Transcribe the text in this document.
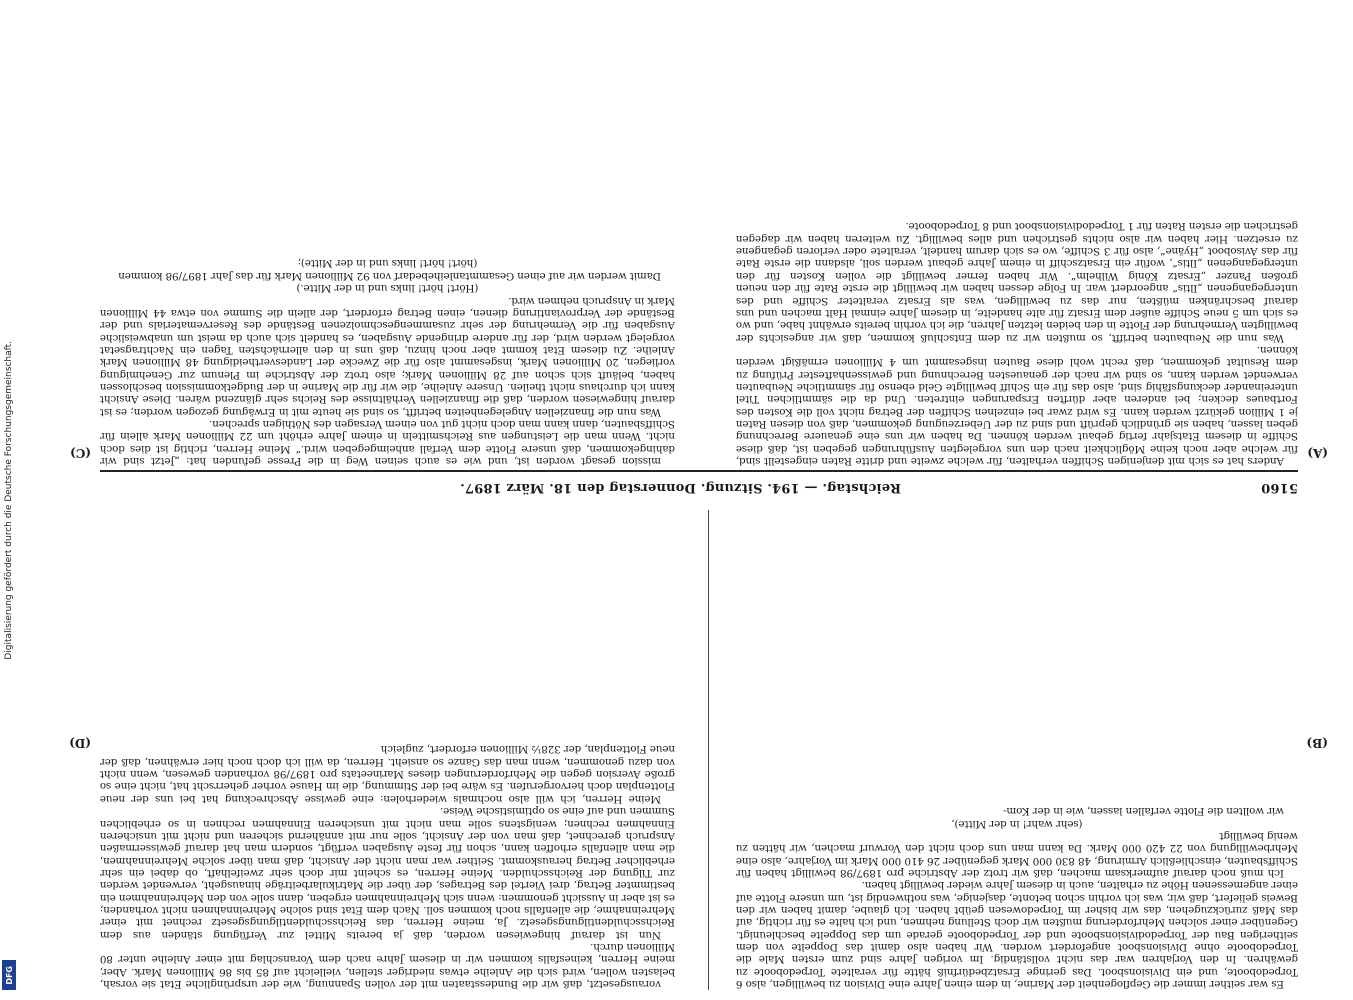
5160
Reichstag. — 194. Sitzung. Donnerstag den 18. März 1897.
(A)
(B)
(C)
(D)

Anders hat es sich mit denjenigen Schiffen verhalten, für welche zweite und dritte Raten eingestellt sind, für welche aber noch keine Möglichkeit nach den uns vorgelegten Ausführungen gegeben ist, daß diese Schiffe in diesem Etatsjahr fertig gebaut werden können. Da haben wir uns eine genauere Berechnung geben lassen, haben sie gründlich geprüft und sind zu der Ueberzeugung gekommen, daß von diesen Raten je 1 Million gekürzt werden kann. Es wird zwar bei einzelnen Schiffen der Betrag nicht voll die Kosten des Fortbaues decken; bei anderen aber dürften Ersparungen eintreten. Und da die sämmtlichen Titel untereinander deckungsfähig sind, also das für ein Schiff bewilligte Geld ebenso für sämmtliche Neubauten verwendet werden kann, so sind wir nach der genauesten Berechnung und gewissenhaftester Prüfung zu dem Resultat gekommen, daß recht wohl diese Bauten insgesammt um 4 Millionen ermäßigt werden können.

Was nun die Neubauten betrifft, so mußten wir zu dem Entschluß kommen, daß wir angesichts der bewilligten Vermehrung der Flotte in den beiden letzten Jahren, die ich vorhin bereits erwähnt habe, und wo es sich um 5 neue Schiffe außer dem Ersatz für alte handelte, in diesem Jahre einmal Halt machen und uns darauf beschränken müßten, nur das zu bewilligen, was als Ersatz veralteter Schiffe und des untergegangenen „Iltis“ angeordert war. In Folge dessen haben wir bewilligt die erste Rate für den neuen großen Panzer „Ersatz König Wilhelm“. Wir haben ferner bewilligt die vollen Kosten für den untergegangenen „Iltis“, wofür ein Ersatzschiff in einem Jahre gebaut werden soll, alsdann die erste Rate für das Avisoboot „Hyäne“, also für 3 Schiffe, wo es sich darum handelt, veraltete oder verloren gegangene zu ersetzen. Hier haben wir also nichts gestrichen und alles bewilligt. Zu weiteren haben wir dagegen gestrichen die ersten Raten für 1 Torpedodivisionsboot und 8 Torpedoboote.

mission gesagt worden ist, und wie es auch seinen Weg in die Presse gefunden hat: „Jetzt sind wir dahingekommen, daß unsere Flotte dem Verfall anheimgegeben wird.“ Meine Herren, richtig ist dies doch nicht. Wenn man die Leistungen aus Reichsmitteln in einem Jahre erhöht um 22 Millionen Mark allein für Schiffsbauten, dann kann man doch nicht gut von einem Versagen des Nöthigen sprechen.

Was nun die finanziellen Angelegenheiten betrifft, so sind sie heute mit in Erwägung gezogen worden; es ist darauf hingewiesen worden, daß die finanziellen Verhältnisse des Reichs sehr glänzend wären. Diese Ansicht kann ich durchaus nicht theilen. Unsere Anleihe, die wir für die Marine in der Budgetkommission beschlossen haben, beläuft sich schon auf 28 Millionen Mark; also trotz der Abstriche im Plenum zur Genehmigung vorliegen, 20 Millionen Mark, insgesammt also für die Zwecke der Landesvertheidigung 48 Millionen Mark Anleihe. Zu diesem Etat kommt aber noch hinzu, daß uns in den allernächsten Tagen ein Nachtragsetat vorgelegt werden wird, der für andere dringende Ausgaben, es handelt sich auch da meist um unabweisliche Ausgaben für die Vermehrung der sehr zusammengeschmolzenen Bestände des Reservematerials und der Bestände der Verproviantirung dienen, einen Betrag erfordert, der allein die Summe von etwa 44 Millionen Mark in Anspruch nehmen wird.

(Hört! hört! links und in der Mitte.)

Damit werden wir auf einen Gesammtanleihebedarf von 92 Millionen Mark für das Jahr 1897/98 kommen

(hört! hört! links und in der Mitte);

Es war seither immer die Gepflogenheit der Marine, in dem einen Jahre eine Division zu bewilligen, also 6 Torpedoboote, und ein Divisionsboot. Das geringe Ersatzbedürfniß hätte für veraltete Torpedoboote zu gewähren. In den Vorjahren war das nicht vollständig. Im vorigen Jahre sind zum ersten Male die Torpedoboote ohne Divisionsboot angefordert worden. Wir haben also damit das Doppelte von dem seitherigen Bau der Torpedodivisionsboote und der Torpedoboote gerade um das Doppelte beschleunigt. Gegenüber einer solchen Mehrforderung mußten wir doch Stellung nehmen, und ich halte es für richtig, auf das Maß zurückzugehen, das wir bisher im Torpedowesen geübt haben. Ich glaube, damit haben wir den Beweis geliefert, daß wir, was ich vorhin schon betonte, dasjenige, was nothwendig ist, um unsere Flotte auf einer angemessenen Höhe zu erhalten, auch in diesem Jahre wieder bewilligt haben.

Ich muß noch darauf aufmerksam machen, daß wir trotz der Abstriche pro 1897/98 bewilligt haben für Schiffsbauten, einschließlich Armirung, 48 830 000 Mark gegenüber 26 410 000 Mark im Vorjahre, also eine Mehrbewilligung von 22 420 000 Mark. Da kann man uns doch nicht den Vorwurf machen, wir hätten zu wenig bewilligt

(sehr wahr! in der Mitte),

wir wollten die Flotte verfallen lassen, wie in der Kom-

vorausgesetzt, daß wir die Bundesstaaten mit der vollen Spannung, wie der ursprüngliche Etat sie vorsah, belasten wollen, wird sich die Anleihe etwas niedriger stellen, vielleicht auf 85 bis 86 Millionen Mark. Aber, meine Herren, keinesfalls kommen wir in diesem Jahre nach dem Voranschlag mit einer Anleihe unter 80 Millionen durch.

Nun ist darauf hingewiesen worden, daß ja bereits Mittel zur Verfügung ständen aus dem Reichsschuldentilgungsgesetz. Ja, meine Herren, das Reichsschuldentilgungsgesetz rechnet mit einer Mehreinnahme, die allenfalls noch kommen soll. Nach dem Etat sind solche Mehreinnahmen nicht vorhanden; es ist aber in Aussicht genommen: wenn sich Mehreinnahmen ergeben, dann solle von den Mehreinnahmen ein bestimmter Betrag, drei Viertel des Betrages, der über die Matrikularbeiträge hinausgeht, verwendet werden zur Tilgung der Reichsschulden. Meine Herren, es scheint mir doch sehr zweifelhaft, ob dabei ein sehr erheblicher Betrag herauskommt. Seither war man nicht der Ansicht, daß man über solche Mehreinnahmen, die man allenfalls erhoffen kann, schon für feste Ausgaben verfügt, sondern man hat darauf gewissermaßen Anspruch gerechnet, daß man von der Ansicht, solle nur mit annähernd sicheren und nicht mit unsicheren Einnahmen rechnen; wenigstens solle man nicht mit unsicheren Einnahmen rechnen in so erheblichen Summen und auf eine so optimistische Weise.

Meine Herren, ich will also nochmals wiederholen: eine gewisse Abschreckung hat bei uns der neue Flottenplan doch hervorgerufen. Es wäre bei der Stimmung, die im Hause vorher geherrscht hat, nicht eine so große Aversion gegen die Mehrforderungen dieses Marineetats pro 1897/98 vorhanden gewesen, wenn nicht von dazu genommen, wenn man das Ganze so ansieht. Herren, da will ich doch noch hier erwähnen, daß der neue Flottenplan, der 328½ Millionen erfordert, zugleich

Digitalisierung gefördert durch die Deutsche Forschungsgemeinschaft.
DFG
